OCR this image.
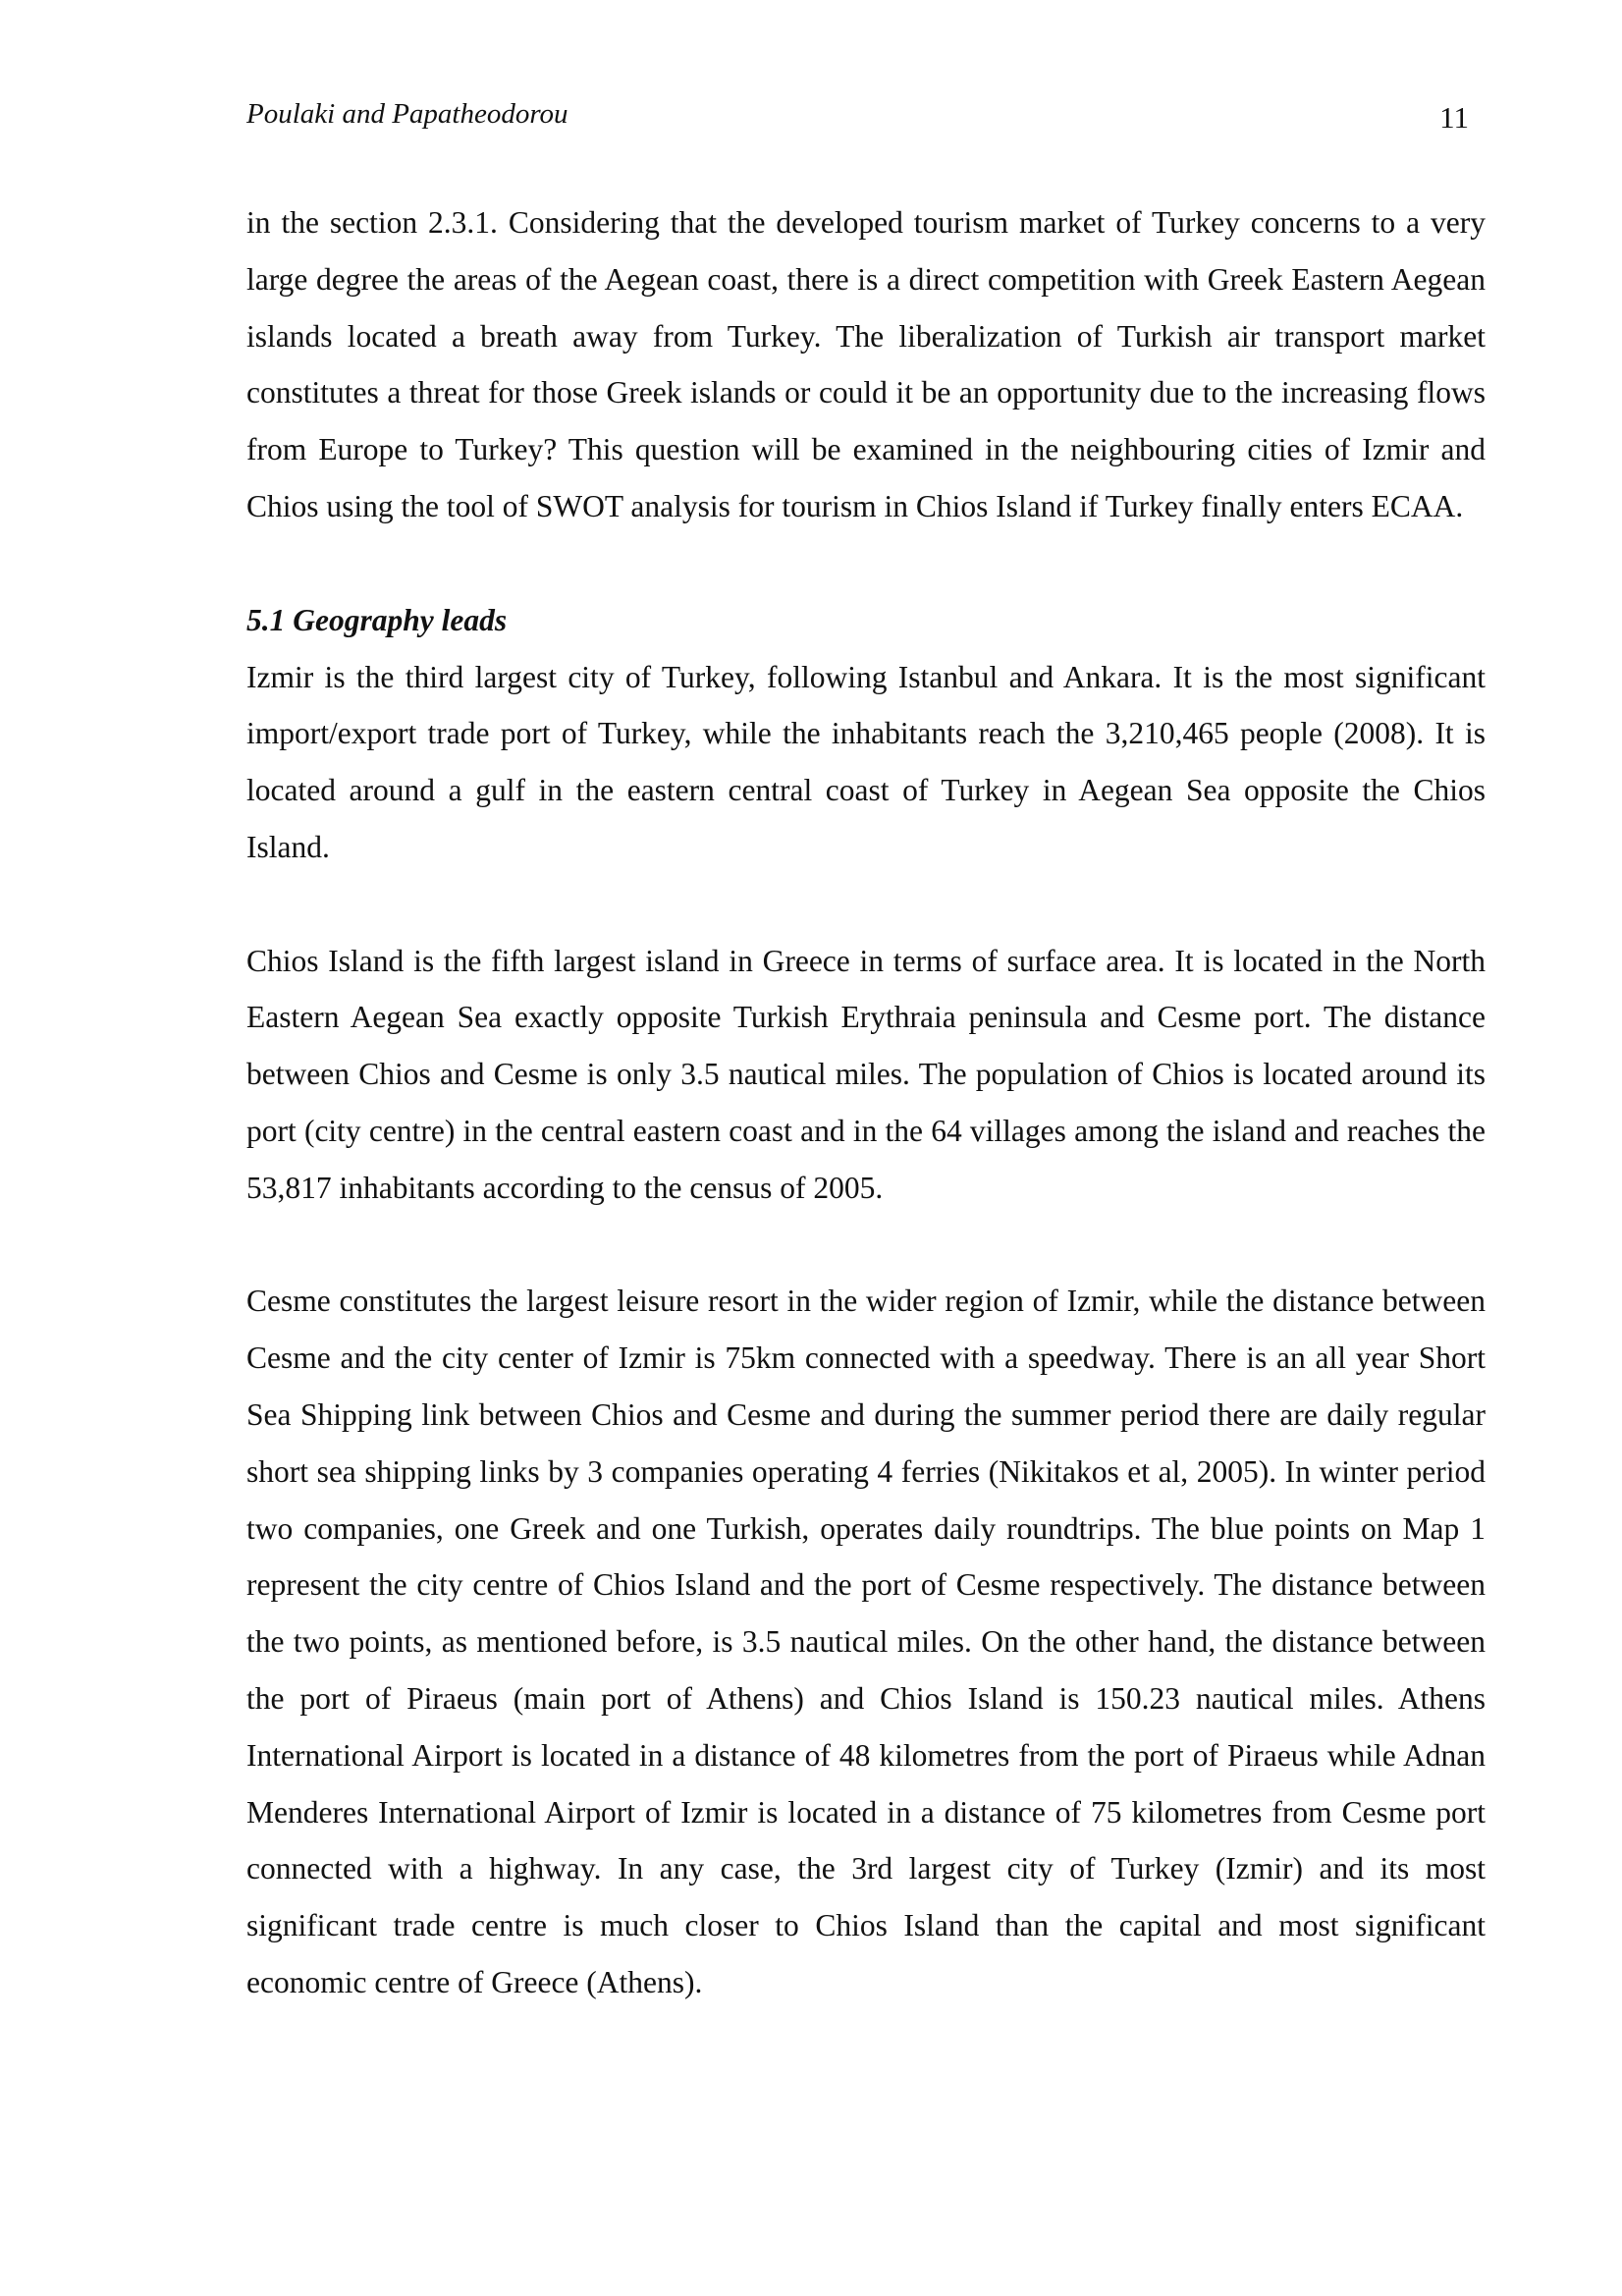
Poulaki and Papatheodorou	11

in the section 2.3.1. Considering that the developed tourism market of Turkey concerns to a very large degree the areas of the Aegean coast, there is a direct competition with Greek Eastern Aegean islands located a breath away from Turkey. The liberalization of Turkish air transport market constitutes a threat for those Greek islands or could it be an opportunity due to the increasing flows from Europe to Turkey? This question will be examined in the neighbouring cities of Izmir and Chios using the tool of SWOT analysis for tourism in Chios Island if Turkey finally enters ECAA.

5.1 Geography leads

Izmir is the third largest city of Turkey, following Istanbul and Ankara. It is the most significant import/export trade port of Turkey, while the inhabitants reach the 3,210,465 people (2008). It is located around a gulf in the eastern central coast of Turkey in Aegean Sea opposite the Chios Island.

Chios Island is the fifth largest island in Greece in terms of surface area. It is located in the North Eastern Aegean Sea exactly opposite Turkish Erythraia peninsula and Cesme port. The distance between Chios and Cesme is only 3.5 nautical miles. The population of Chios is located around its port (city centre) in the central eastern coast and in the 64 villages among the island and reaches the 53,817 inhabitants according to the census of 2005.

Cesme constitutes the largest leisure resort in the wider region of Izmir, while the distance between Cesme and the city center of Izmir is 75km connected with a speedway. There is an all year Short Sea Shipping link between Chios and Cesme and during the summer period there are daily regular short sea shipping links by 3 companies operating 4 ferries (Nikitakos et al, 2005). In winter period two companies, one Greek and one Turkish, operates daily roundtrips. The blue points on Map 1 represent the city centre of Chios Island and the port of Cesme respectively. The distance between the two points, as mentioned before, is 3.5 nautical miles. On the other hand, the distance between the port of Piraeus (main port of Athens) and Chios Island is 150.23 nautical miles. Athens International Airport is located in a distance of 48 kilometres from the port of Piraeus while Adnan Menderes International Airport of Izmir is located in a distance of 75 kilometres from Cesme port connected with a highway. In any case, the 3rd largest city of Turkey (Izmir) and its most significant trade centre is much closer to Chios Island than the capital and most significant economic centre of Greece (Athens).
